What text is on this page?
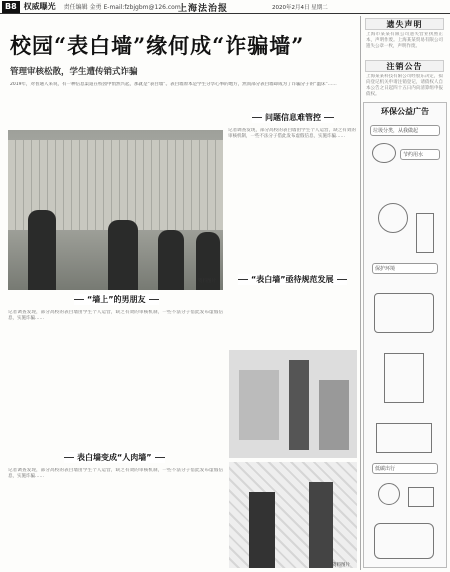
B8 权威曝光 责任编辑 金勇 E-mail:fzbjgbm@126.com
上海法治报	2020年2月4日 星期二
校园“表白墙”缘何成“诈骗墙”
管理审核松散，学生遭传销式诈骗
2019年，对普通人来说，有一种信息渠道在校园中悄然兴起，那就是“表白墙”。表白墙原本是学生分享心事的地方，然而部分表白墙却成为了诈骗分子的“温床”……
资料图片
问题信息难管控
记者调查发现，部分高校的表白墙由学生个人运营，缺乏有效的审核机制，一些不法分子借此发布虚假信息，实施诈骗……
“表白墙”亟待规范发展
“墙上”的男朋友
记者调查发现，部分高校的表白墙由学生个人运营，缺乏有效的审核机制，一些不法分子借此发布虚假信息，实施诈骗……
表白墙变成“人肉墙”
记者调查发现，部分高校的表白墙由学生个人运营，缺乏有效的审核机制，一些不法分子借此发布虚假信息，实施诈骗……
资料图片
遗失声明
上海市某某有限公司遗失营业执照正本，声明作废。上海某某贸易有限公司遗失公章一枚，声明作废。
注销公告
上海某某科技有限公司经股东决定，拟向登记机关申请注销登记，请债权人自本公告之日起四十五日内向清算组申报债权。
环保公益广告
垃圾分类，从我做起
节约用水
保护环境
低碳出行
